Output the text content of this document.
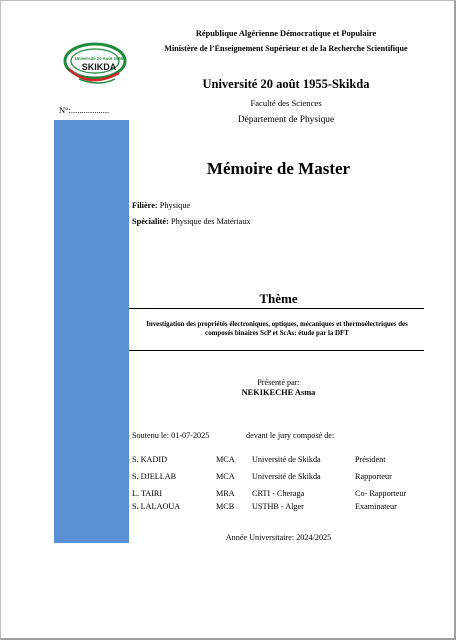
Université 20 Août 1955
SKIKDA
République Algérienne Démocratique et Populaire
Ministère de l’Enseignement Supérieur et de la Recherche Scientifique
Université 20 août 1955-Skikda
Faculté des Sciences
Département de Physique
N°:..................
Mémoire de Master
Filière: Physique
Spécialité: Physique des Matériaux
Thème
Investigation des propriétés électroniques, optiques, mécaniques et thermoélectriques des composés binaires ScP et ScAs: étude par la DFT
Présenté par:
NEKIKECHE Asma
Soutenu le: 01-07-2025	devant le jury composé de:
S. KADID	MCA Université de Skikda	Président
S. DJELLAB	MCA Université de Skikda	Rapporteur
L. TAIRI	MRA CRTI - Cheraga	Co- Rapporteur
S. LALAOUA	MCB USTHB - Alger	Examinateur
Année Universitaire: 2024/2025
